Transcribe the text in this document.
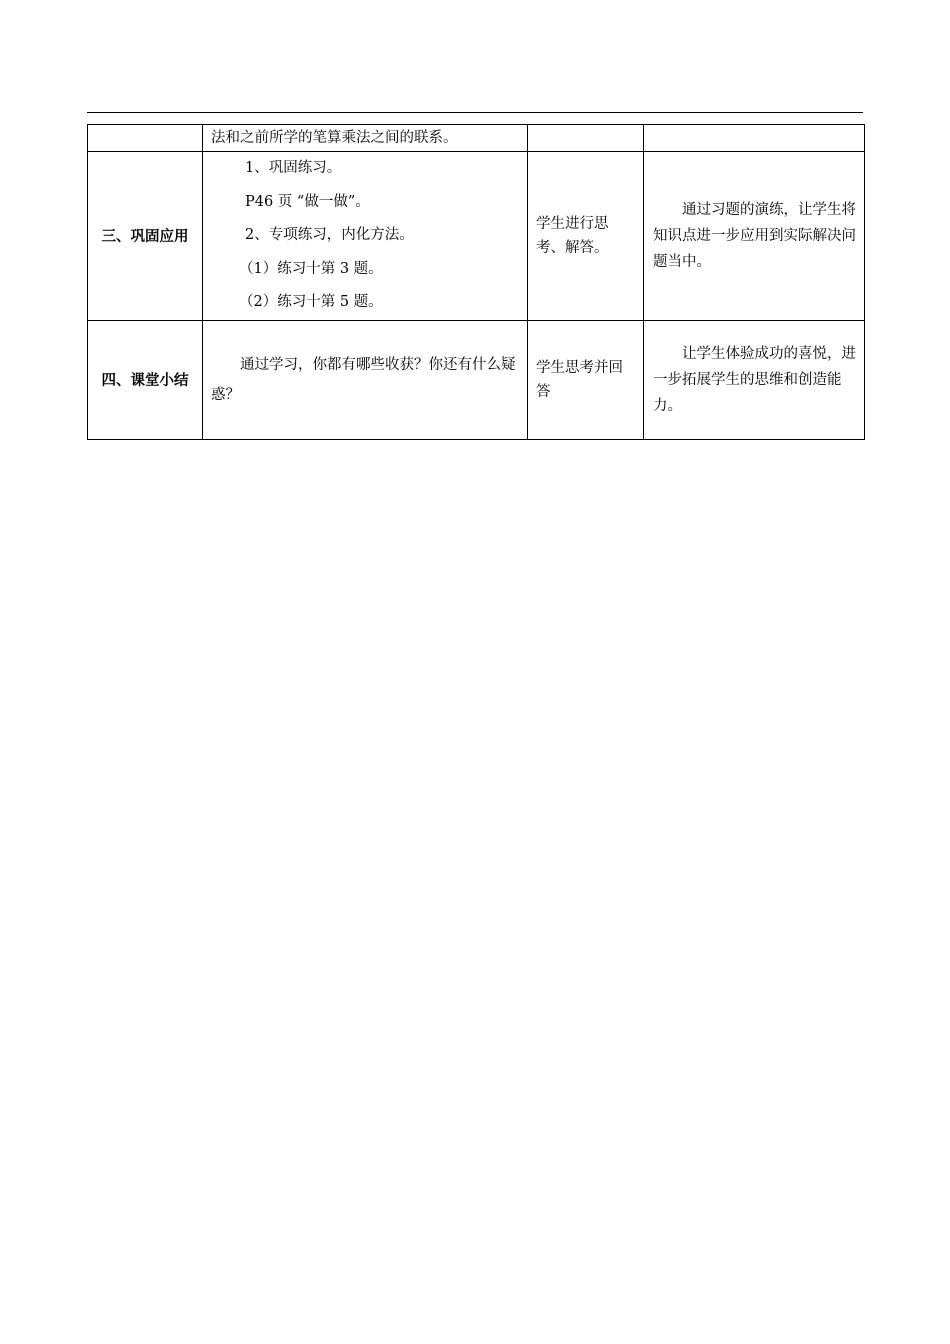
	法和之前所学的笔算乘法之间的联系。		

三、巩固应用	1、巩固练习。
P46 页 “做一做”。
2、专项练习，内化方法。
（1）练习十第 3 题。
（2）练习十第 5 题。	学生进行思考、解答。	通过习题的演练，让学生将知识点进一步应用到实际解决问题当中。

四、课堂小结	通过学习，你都有哪些收获？你还有什么疑惑？	学生思考并回答	让学生体验成功的喜悦，进一步拓展学生的思维和创造能力。
